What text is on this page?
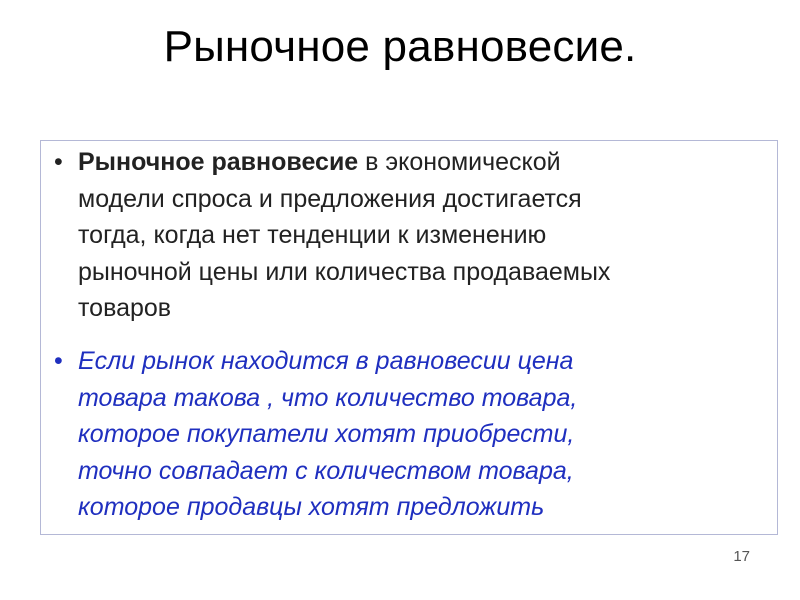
Рыночное равновесие.
• Рыночное равновесие в экономической
модели спроса и предложения достигается
тогда, когда нет тенденции к изменению
рыночной цены или количества продаваемых
товаров
• Если рынок находится в равновесии цена
товара такова , что количество товара,
которое покупатели хотят приобрести,
точно совпадает с количеством товара,
которое продавцы хотят предложить
17
